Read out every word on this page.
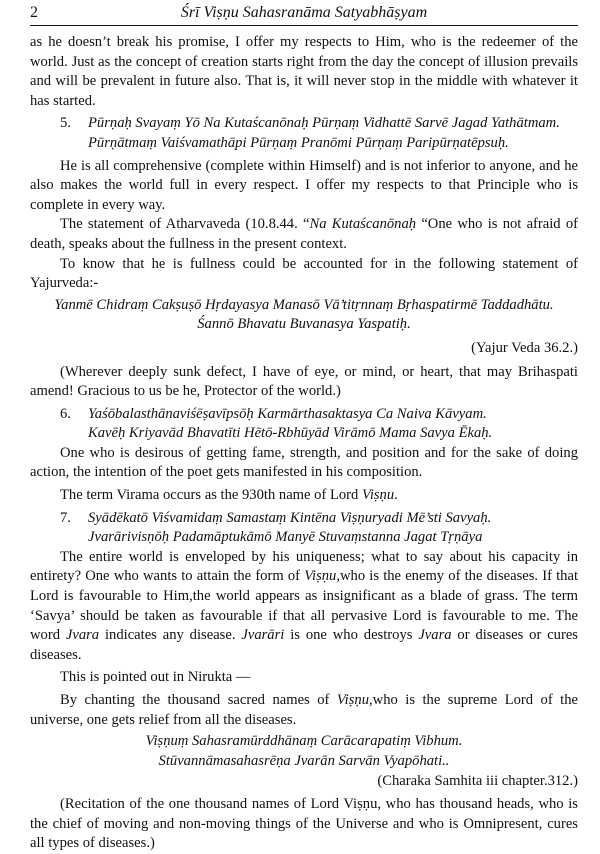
2	Śrī Viṣṇu Sahasranāma Satyabhāṣyam

as he doesn’t break his promise, I offer my respects to Him, who is the redeemer of the world. Just as the concept of creation starts right from the day the concept of illusion prevails and will be prevalent in future also. That is, it will never stop in the middle with whatever it has started.

5. Pūrṇaḥ Svayaṃ Yō Na Kutaścanōnaḥ Pūrṇaṃ Vidhattē Sarvē Jagad Yathātmam.
Pūrṇātmaṃ Vaiśvamathāpi Pūrṇaṃ Pranōmi Pūrṇaṃ Paripūrṇatēpsuḥ.

He is all comprehensive (complete within Himself) and is not inferior to anyone, and he also makes the world full in every respect. I offer my respects to that Principle who is complete in every way.

The statement of Atharvaveda (10.8.44. “Na Kutaścanōnaḥ “One who is not afraid of death, speaks about the fullness in the present context.

To know that he is fullness could be accounted for in the following statement of Yajurveda:-

Yanmē Chidraṃ Cakṣuṣō Hṛdayasya Manasō Vā’titṛnnaṃ Bṛhaspatirmē Taddadhātu.
Śannō Bhavatu Buvanasya Yaspatiḥ.
(Yajur Veda 36.2.)

(Wherever deeply sunk defect, I have of eye, or mind, or heart, that may Brihaspati amend! Gracious to us be he, Protector of the world.)

6. Yaśōbalasthānaviśēṣavīpsōḥ Karmārthasaktasya Ca Naiva Kāvyam.
Kavēḥ Kriyavād Bhavatīti Hētō-Rbhūyād Virāmō Mama Savya Ēkaḥ.

One who is desirous of getting fame, strength, and position and for the sake of doing action, the intention of the poet gets manifested in his composition.

The term Virama occurs as the 930th name of Lord Viṣṇu.

7. Syādēkatō Viśvamidaṃ Samastaṃ Kintēna Viṣṇuryadi Mē’sti Savyaḥ.
Jvarārivisṇōḥ Padamāptukāmō Manyē Stuvaṃstanna Jagat Tṛṇāya

The entire world is enveloped by his uniqueness; what to say about his capacity in entirety? One who wants to attain the form of Viṣṇu,who is the enemy of the diseases. If that Lord is favourable to Him,the world appears as insignificant as a blade of grass. The term ‘Savya’ should be taken as favourable if that all pervasive Lord is favourable to me. The word Jvara indicates any disease. Jvarāri is one who destroys Jvara or diseases or cures diseases.

This is pointed out in Nirukta —

By chanting the thousand sacred names of Viṣṇu,who is the supreme Lord of the universe, one gets relief from all the diseases.

Viṣṇuṃ Sahasramūrddhānaṃ Carācarapatiṃ Vibhum.
Stūvannāmasahasrēṇa Jvarān Sarvān Vyapōhati..
(Charaka Samhita iii chapter.312.)

(Recitation of the one thousand names of Lord Viṣṇu, who has thousand heads, who is the chief of moving and non-moving things of the Universe and who is Omnipresent, cures all types of diseases.)
